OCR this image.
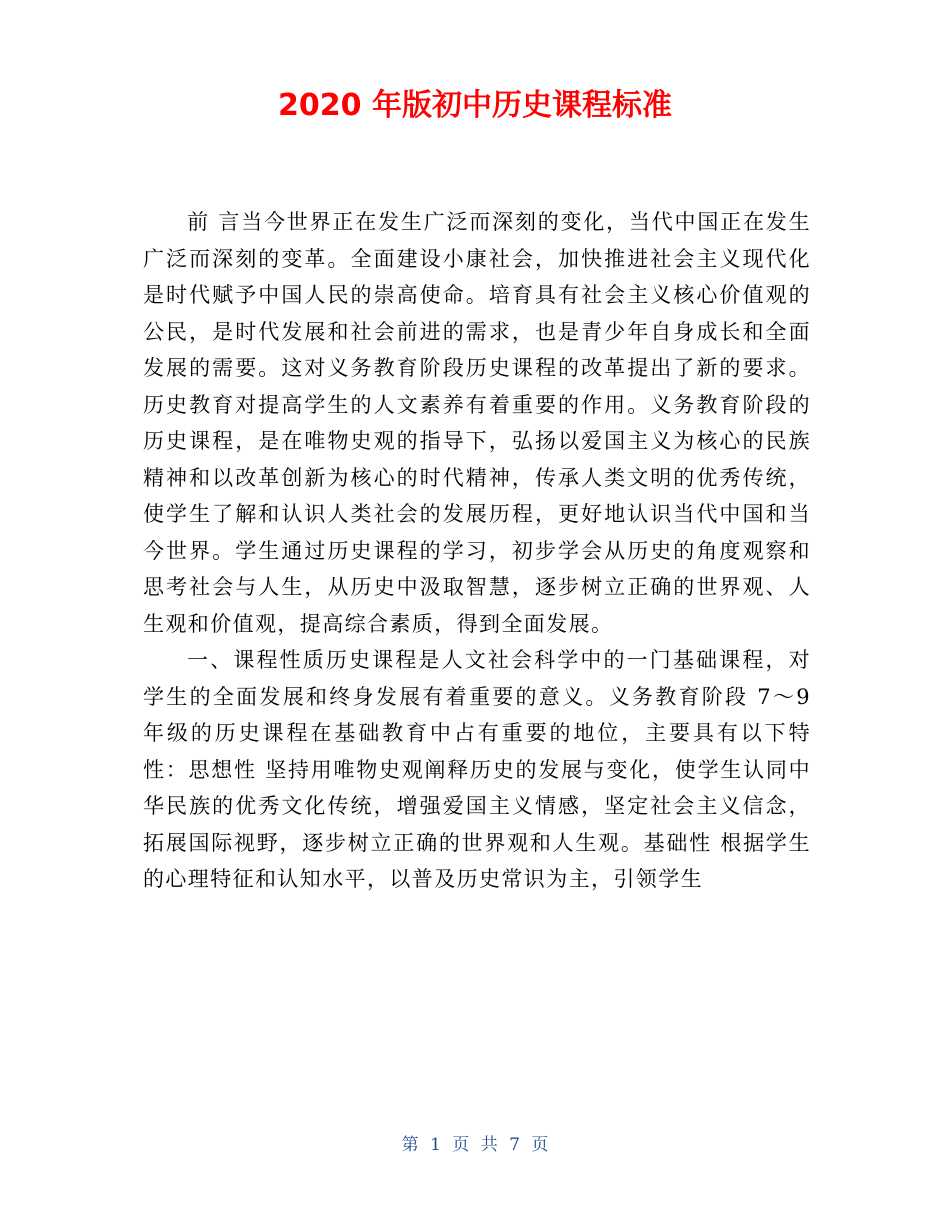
2020 年版初中历史课程标准

前 言当今世界正在发生广泛而深刻的变化，当代中国正在发生广泛而深刻的变革。全面建设小康社会，加快推进社会主义现代化是时代赋予中国人民的崇高使命。培育具有社会主义核心价值观的公民，是时代发展和社会前进的需求，也是青少年自身成长和全面发展的需要。这对义务教育阶段历史课程的改革提出了新的要求。历史教育对提高学生的人文素养有着重要的作用。义务教育阶段的历史课程，是在唯物史观的指导下，弘扬以爱国主义为核心的民族精神和以改革创新为核心的时代精神，传承人类文明的优秀传统，使学生了解和认识人类社会的发展历程，更好地认识当代中国和当今世界。学生通过历史课程的学习，初步学会从历史的角度观察和思考社会与人生，从历史中汲取智慧，逐步树立正确的世界观、人生观和价值观，提高综合素质，得到全面发展。

一、课程性质历史课程是人文社会科学中的一门基础课程，对学生的全面发展和终身发展有着重要的意义。义务教育阶段 7～9 年级的历史课程在基础教育中占有重要的地位，主要具有以下特性：思想性 坚持用唯物史观阐释历史的发展与变化，使学生认同中华民族的优秀文化传统，增强爱国主义情感，坚定社会主义信念，拓展国际视野，逐步树立正确的世界观和人生观。基础性 根据学生的心理特征和认知水平，以普及历史常识为主，引领学生

第 1 页 共 7 页
